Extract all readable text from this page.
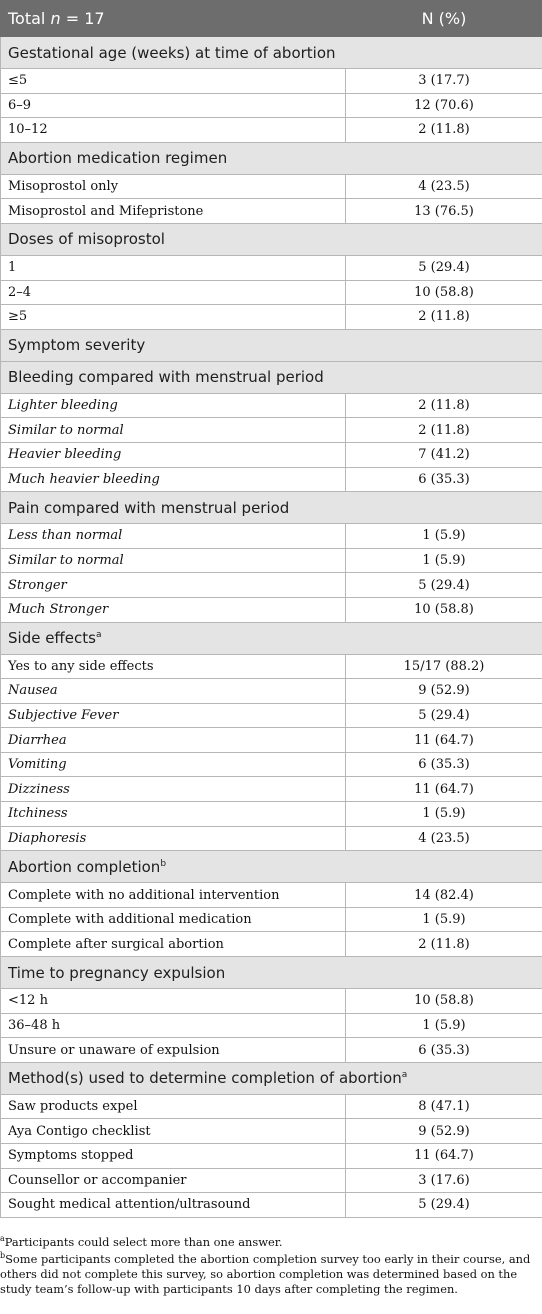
Total n = 17	N (%)
Gestational age (weeks) at time of abortion	
≤5	3 (17.7)
6–9	12 (70.6)
10–12	2 (11.8)
Abortion medication regimen	
Misoprostol only	4 (23.5)
Misoprostol and Mifepristone	13 (76.5)
Doses of misoprostol	
1	5 (29.4)
2–4	10 (58.8)
≥5	2 (11.8)
Symptom severity	
Bleeding compared with menstrual period	
Lighter bleeding	2 (11.8)
Similar to normal	2 (11.8)
Heavier bleeding	7 (41.2)
Much heavier bleeding	6 (35.3)
Pain compared with menstrual period	
Less than normal	1 (5.9)
Similar to normal	1 (5.9)
Stronger	5 (29.4)
Much Stronger	10 (58.8)
Side effects$^a$
Yes to any side effects	15/17 (88.2)
Nausea	9 (52.9)
Subjective Fever	5 (29.4)
Diarrhea	11 (64.7)
Vomiting	6 (35.3)
Dizziness	11 (64.7)
Itchiness	1 (5.9)
Diaphoresis	4 (23.5)
Abortion completion$^b$
Complete with no additional intervention	14 (82.4)
Complete with additional medication	1 (5.9)
Complete after surgical abortion	2 (11.8)
Time to pregnancy expulsion	
<12 h	10 (58.8)
36–48 h	1 (5.9)
Unsure or unaware of expulsion	6 (35.3)
Method(s) used to determine completion of abortion$^a$
Saw products expel	8 (47.1)
Aya Contigo checklist	9 (52.9)
Symptoms stopped	11 (64.7)
Counsellor or accompanier	3 (17.6)
Sought medical attention/ultrasound	5 (29.4)

$^a$Participants could select more than one answer.

$^b$Some participants completed the abortion completion survey too early in their course, and others did not complete this survey, so abortion completion was determined based on the study team’s follow-up with participants 10 days after completing the regimen.
